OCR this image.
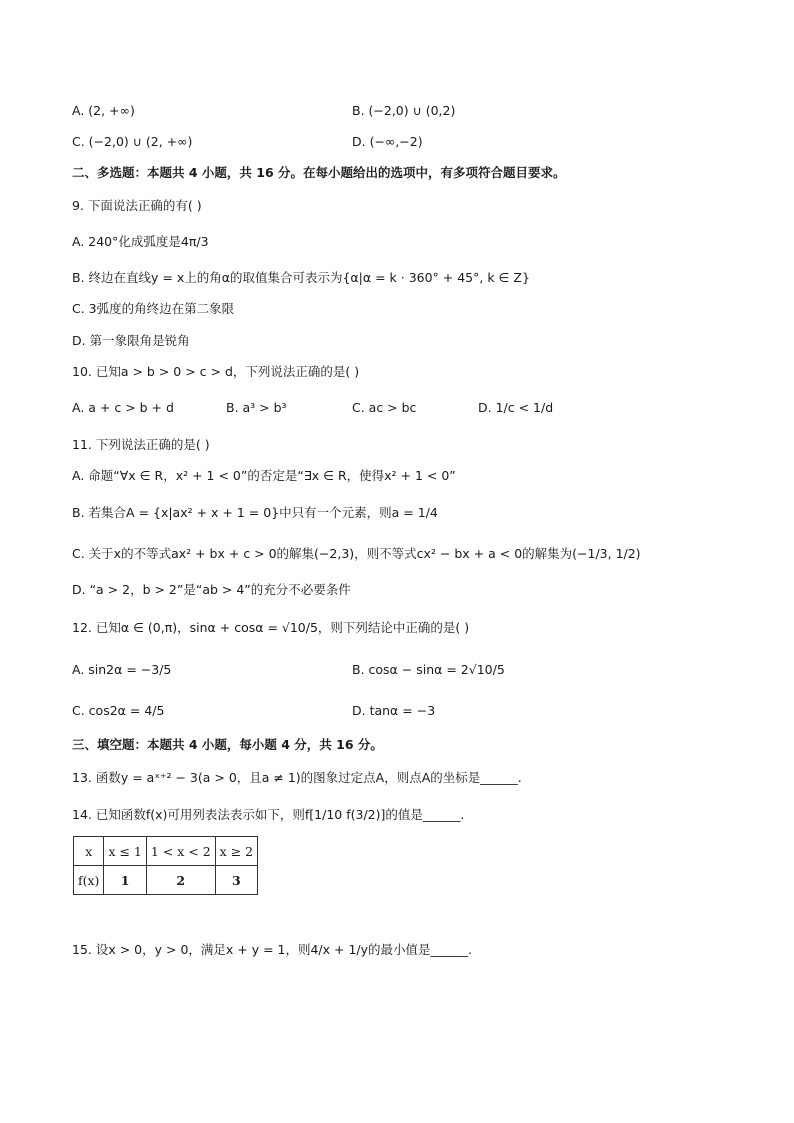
A. (2, +∞)	B. (−2,0) ∪ (0,2)
C. (−2,0) ∪ (2, +∞)	D. (−∞,−2)
二、多选题：本题共 4 小题，共 16 分。在每小题给出的选项中，有多项符合题目要求。
9. 下面说法正确的有( )
A. 240°化成弧度是4π/3
B. 终边在直线y = x上的角α的取值集合可表示为{α|α = k · 360° + 45°, k ∈ Z}
C. 3弧度的角终边在第二象限
D. 第一象限角是锐角
10. 已知a > b > 0 > c > d，下列说法正确的是( )
A. a + c > b + d	B. a³ > b³	C. ac > bc	D. 1/c < 1/d
11. 下列说法正确的是( )
A. 命题“∀x ∈ R，x² + 1 < 0”的否定是“∃x ∈ R，使得x² + 1 < 0”
B. 若集合A = {x|ax² + x + 1 = 0}中只有一个元素，则a = 1/4
C. 关于x的不等式ax² + bx + c > 0的解集(−2,3)，则不等式cx² − bx + a < 0的解集为(−1/3, 1/2)
D. “a > 2，b > 2”是“ab > 4”的充分不必要条件
12. 已知α ∈ (0,π)，sinα + cosα = √10/5，则下列结论中正确的是( )
A. sin2α = −3/5	B. cosα − sinα = 2√10/5
C. cos2α = 4/5	D. tanα = −3
三、填空题：本题共 4 小题，每小题 4 分，共 16 分。
13. 函数y = aˣ⁺² − 3(a > 0，且a ≠ 1)的图象过定点A，则点A的坐标是______.
14. 已知函数f(x)可用列表法表示如下，则f[1/10 f(3/2)]的值是______.
x	x ≤ 1	1 < x < 2	x ≥ 2
f(x)	1	2	3
15. 设x > 0，y > 0，满足x + y = 1，则4/x + 1/y的最小值是______.
